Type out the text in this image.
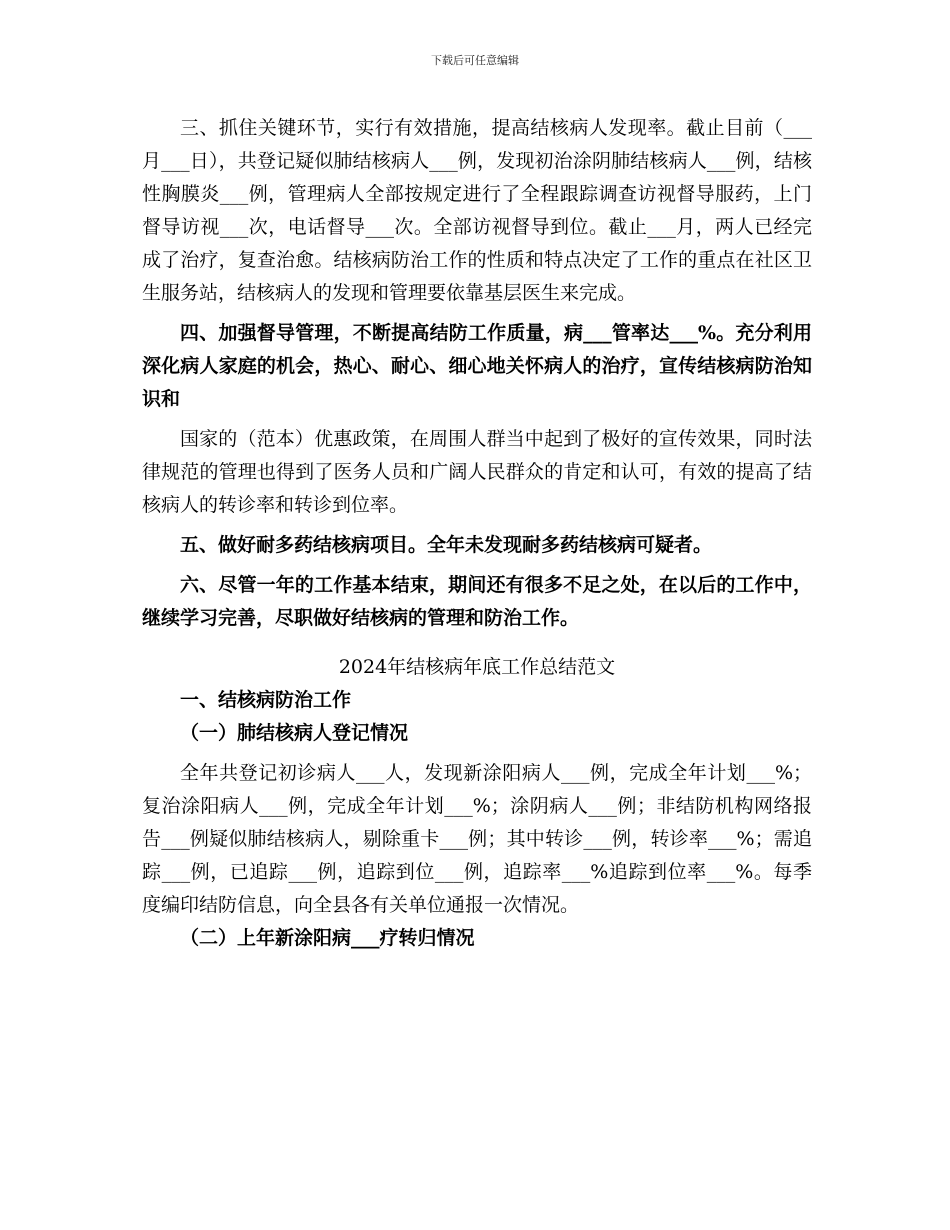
下载后可任意编辑

三、抓住关键环节，实行有效措施，提高结核病人发现率。截止目前（___月___日），共登记疑似肺结核病人___例，发现初治涂阴肺结核病人___例，结核性胸膜炎___例，管理病人全部按规定进行了全程跟踪调查访视督导服药，上门督导访视___次，电话督导___次。全部访视督导到位。截止___月，两人已经完成了治疗，复查治愈。结核病防治工作的性质和特点决定了工作的重点在社区卫生服务站，结核病人的发现和管理要依靠基层医生来完成。

四、加强督导管理，不断提高结防工作质量，病___管率达___%。充分利用深化病人家庭的机会，热心、耐心、细心地关怀病人的治疗，宣传结核病防治知识和

国家的（范本）优惠政策，在周围人群当中起到了极好的宣传效果，同时法律规范的管理也得到了医务人员和广阔人民群众的肯定和认可，有效的提高了结核病人的转诊率和转诊到位率。

五、做好耐多药结核病项目。全年未发现耐多药结核病可疑者。

六、尽管一年的工作基本结束，期间还有很多不足之处，在以后的工作中，继续学习完善，尽职做好结核病的管理和防治工作。

2024年结核病年底工作总结范文

一、结核病防治工作

（一）肺结核病人登记情况

全年共登记初诊病人___人，发现新涂阳病人___例，完成全年计划___%；复治涂阳病人___例，完成全年计划___%；涂阴病人___例；非结防机构网络报告___例疑似肺结核病人，剔除重卡___例；其中转诊___例，转诊率___%；需追踪___例，已追踪___例，追踪到位___例，追踪率___%追踪到位率___%。每季度编印结防信息，向全县各有关单位通报一次情况。

（二）上年新涂阳病___疗转归情况
